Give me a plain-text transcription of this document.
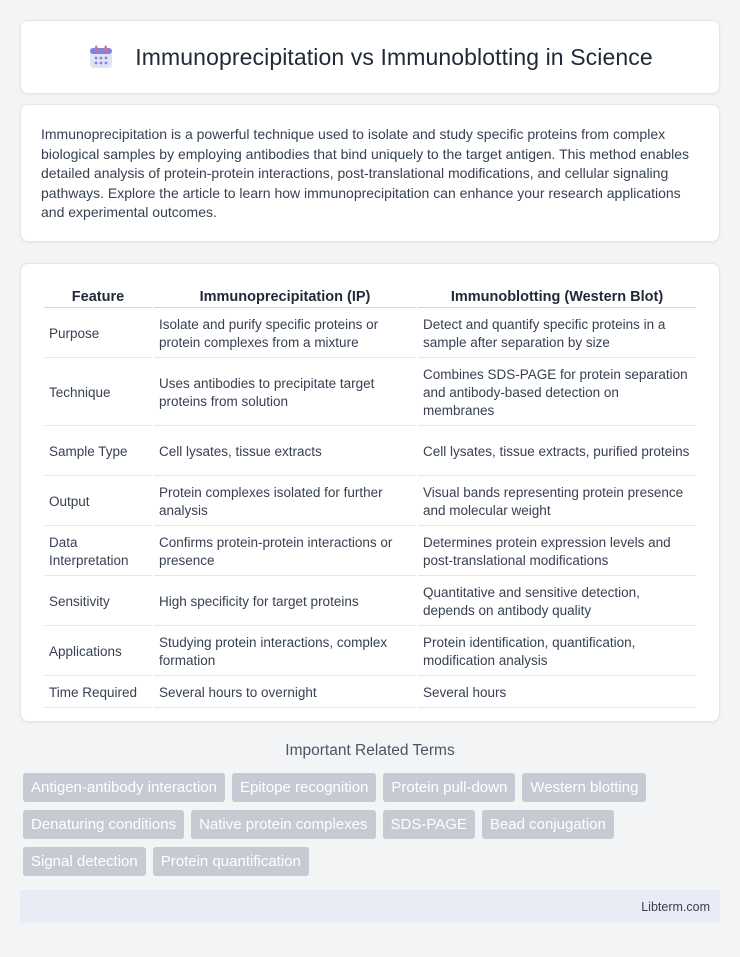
Immunoprecipitation vs Immunoblotting in Science

Immunoprecipitation is a powerful technique used to isolate and study specific proteins from complex biological samples by employing antibodies that bind uniquely to the target antigen. This method enables detailed analysis of protein-protein interactions, post-translational modifications, and cellular signaling pathways. Explore the article to learn how immunoprecipitation can enhance your research applications and experimental outcomes.

Feature	Immunoprecipitation (IP)	Immunoblotting (Western Blot)
Purpose	Isolate and purify specific proteins or protein complexes from a mixture	Detect and quantify specific proteins in a sample after separation by size
Technique	Uses antibodies to precipitate target proteins from solution	Combines SDS-PAGE for protein separation and antibody-based detection on membranes
Sample Type	Cell lysates, tissue extracts	Cell lysates, tissue extracts, purified proteins
Output	Protein complexes isolated for further analysis	Visual bands representing protein presence and molecular weight
Data Interpretation	Confirms protein-protein interactions or presence	Determines protein expression levels and post-translational modifications
Sensitivity	High specificity for target proteins	Quantitative and sensitive detection, depends on antibody quality
Applications	Studying protein interactions, complex formation	Protein identification, quantification, modification analysis
Time Required	Several hours to overnight	Several hours
Important Related Terms
Antigen-antibody interaction	Epitope recognition	Protein pull-down	Western blotting
Denaturing conditions	Native protein complexes	SDS-PAGE	Bead conjugation
Signal detection	Protein quantification
Libterm.com
